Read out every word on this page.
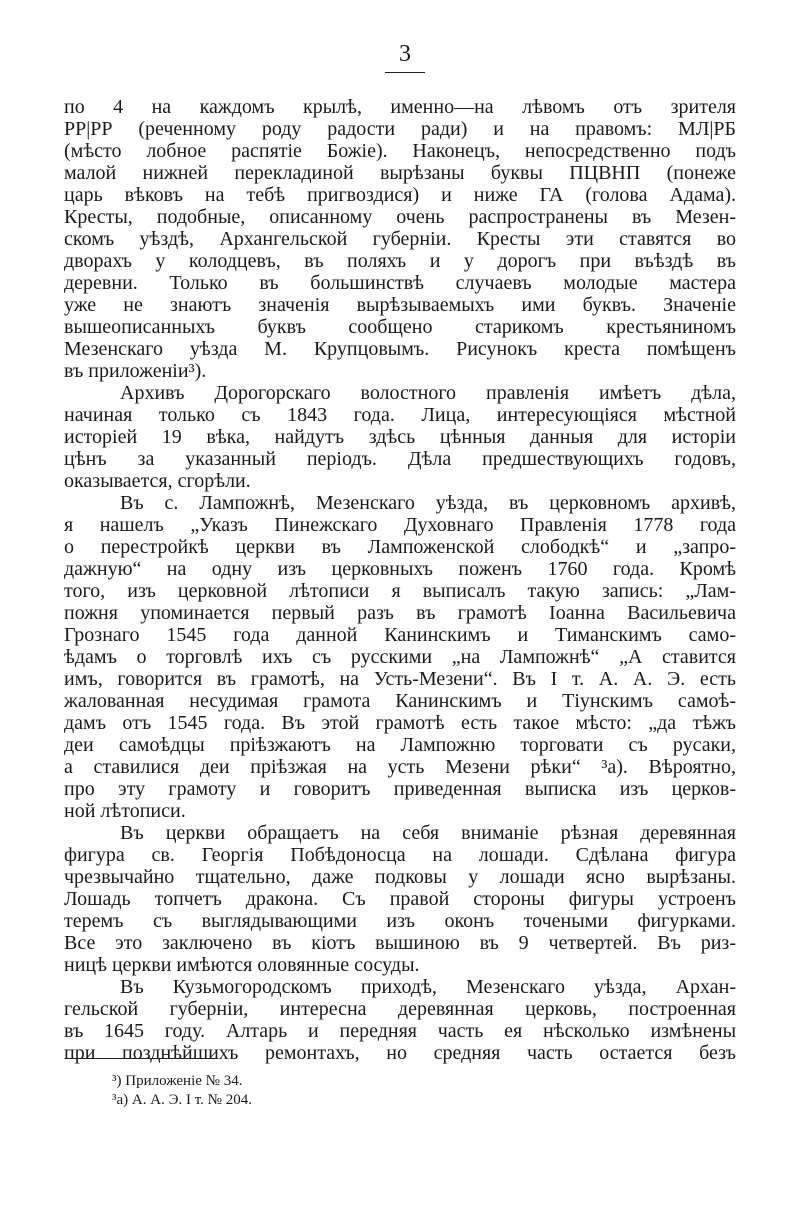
3
по 4 на каждомъ крылѣ, именно—на лѣвомъ отъ зрителя
РР|РР (реченному роду радости ради) и на правомъ: МЛ|РБ
(мѣсто лобное распятіе Божіе). Наконецъ, непосредственно подъ
малой нижней перекладиной вырѣзаны буквы ПЦВНП (понеже
царь вѣковъ на тебѣ пригвоздися) и ниже ГА (голова Адама).
Кресты, подобные, описанному очень распространены въ Мезен-
скомъ уѣздѣ, Архангельской губерніи. Кресты эти ставятся во
дворахъ у колодцевъ, въ поляхъ и у дорогъ при въѣздѣ въ
деревни. Только въ большинствѣ случаевъ молодые мастера
уже не знаютъ значенія вырѣзываемыхъ ими буквъ. Значеніе
вышеописанныхъ буквъ сообщено старикомъ крестьяниномъ
Мезенскаго уѣзда М. Крупцовымъ. Рисунокъ креста помѣщенъ
въ приложеніи³).
Архивъ Дорогорскаго волостного правленія имѣетъ дѣла,
начиная только съ 1843 года. Лица, интересующіяся мѣстной
исторіей 19 вѣка, найдутъ здѣсь цѣнныя данныя для исторіи
цѣнъ за указанный періодъ. Дѣла предшествующихъ годовъ,
оказывается, сгорѣли.
Въ с. Лампожнѣ, Мезенскаго уѣзда, въ церковномъ архивѣ,
я нашелъ „Указъ Пинежскаго Духовнаго Правленія 1778 года
о перестройкѣ церкви въ Лампоженской слободкѣ“ и „запро-
дажную“ на одну изъ церковныхъ поженъ 1760 года. Кромѣ
того, изъ церковной лѣтописи я выписалъ такую запись: „Лам-
пожня упоминается первый разъ въ грамотѣ Іоанна Васильевича
Грознаго 1545 года данной Канинскимъ и Тиманскимъ само-
ѣдамъ о торговлѣ ихъ съ русскими „на Лампожнѣ“ „А ставится
имъ, говорится въ грамотѣ, на Усть-Мезени“. Въ I т. А. А. Э. есть
жалованная несудимая грамота Канинскимъ и Тіунскимъ самоѣ-
дамъ отъ 1545 года. Въ этой грамотѣ есть такое мѣсто: „да тѣжъ
деи самоѣдцы пріѣзжаютъ на Лампожню торговати съ русаки,
а ставилися деи пріѣзжая на усть Мезени рѣки“ ³а). Вѣроятно,
про эту грамоту и говоритъ приведенная выписка изъ церков-
ной лѣтописи.
Въ церкви обращаетъ на себя вниманіе рѣзная деревянная
фигура св. Георгія Побѣдоносца на лошади. Сдѣлана фигура
чрезвычайно тщательно, даже подковы у лошади ясно вырѣзаны.
Лошадь топчетъ дракона. Съ правой стороны фигуры устроенъ
теремъ съ выглядывающими изъ оконъ точеными фигурками.
Все это заключено въ кіотъ вышиною въ 9 четвертей. Въ риз-
ницѣ церкви имѣются оловянные сосуды.
Въ Кузьмогородскомъ приходѣ, Мезенскаго уѣзда, Архан-
гельской губерніи, интересна деревянная церковь, построенная
въ 1645 году. Алтарь и передняя часть ея нѣсколько измѣнены
при позднѣйшихъ ремонтахъ, но средняя часть остается безъ
³) Приложеніе № 34.
³а) А. А. Э. I т. № 204.
